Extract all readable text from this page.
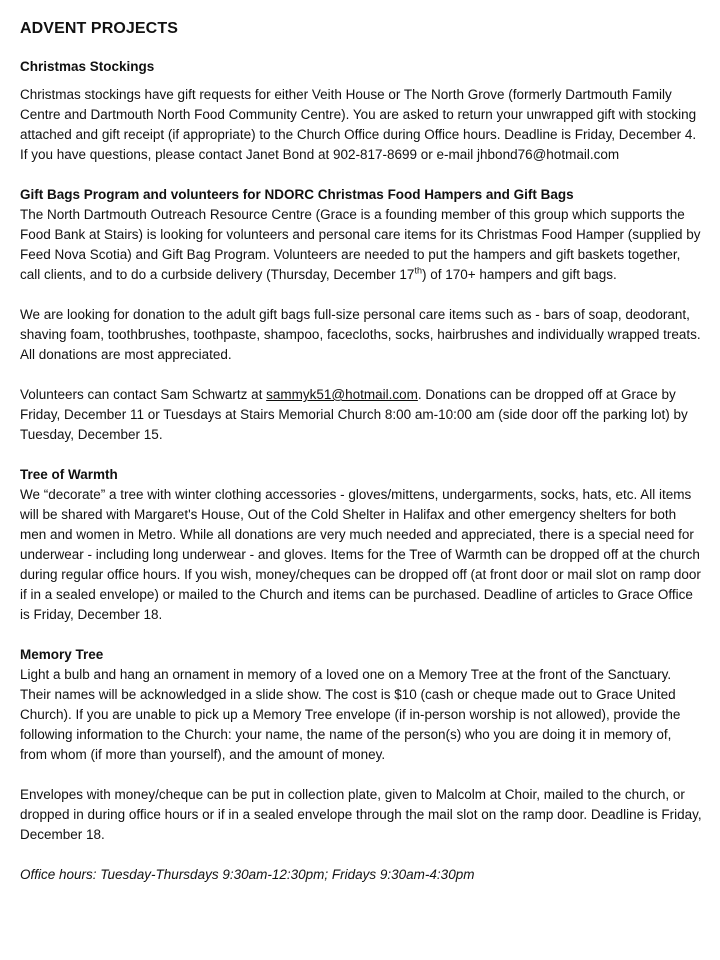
ADVENT PROJECTS

Christmas Stockings

Christmas stockings have gift requests for either Veith House or The North Grove (formerly Dartmouth Family Centre and Dartmouth North Food Community Centre). You are asked to return your unwrapped gift with stocking attached and gift receipt (if appropriate) to the Church Office during Office hours. Deadline is Friday, December 4. If you have questions, please contact Janet Bond at 902-817-8699 or e-mail jhbond76@hotmail.com

Gift Bags Program and volunteers for NDORC Christmas Food Hampers and Gift Bags

The North Dartmouth Outreach Resource Centre (Grace is a founding member of this group which supports the Food Bank at Stairs) is looking for volunteers and personal care items for its Christmas Food Hamper (supplied by Feed Nova Scotia) and Gift Bag Program. Volunteers are needed to put the hampers and gift baskets together, call clients, and to do a curbside delivery (Thursday, December 17th) of 170+ hampers and gift bags.

We are looking for donation to the adult gift bags full-size personal care items such as - bars of soap, deodorant, shaving foam, toothbrushes, toothpaste, shampoo, facecloths, socks, hairbrushes and individually wrapped treats. All donations are most appreciated.

Volunteers can contact Sam Schwartz at sammyk51@hotmail.com. Donations can be dropped off at Grace by Friday, December 11 or Tuesdays at Stairs Memorial Church 8:00 am-10:00 am (side door off the parking lot) by Tuesday, December 15.

Tree of Warmth

We “decorate” a tree with winter clothing accessories - gloves/mittens, undergarments, socks, hats, etc. All items will be shared with Margaret's House, Out of the Cold Shelter in Halifax and other emergency shelters for both men and women in Metro. While all donations are very much needed and appreciated, there is a special need for underwear - including long underwear - and gloves. Items for the Tree of Warmth can be dropped off at the church during regular office hours. If you wish, money/cheques can be dropped off (at front door or mail slot on ramp door if in a sealed envelope) or mailed to the Church and items can be purchased. Deadline of articles to Grace Office is Friday, December 18.

Memory Tree

Light a bulb and hang an ornament in memory of a loved one on a Memory Tree at the front of the Sanctuary. Their names will be acknowledged in a slide show. The cost is $10 (cash or cheque made out to Grace United Church). If you are unable to pick up a Memory Tree envelope (if in-person worship is not allowed), provide the following information to the Church: your name, the name of the person(s) who you are doing it in memory of, from whom (if more than yourself), and the amount of money.

Envelopes with money/cheque can be put in collection plate, given to Malcolm at Choir, mailed to the church, or dropped in during office hours or if in a sealed envelope through the mail slot on the ramp door. Deadline is Friday, December 18.

Office hours: Tuesday-Thursdays 9:30am-12:30pm; Fridays 9:30am-4:30pm
